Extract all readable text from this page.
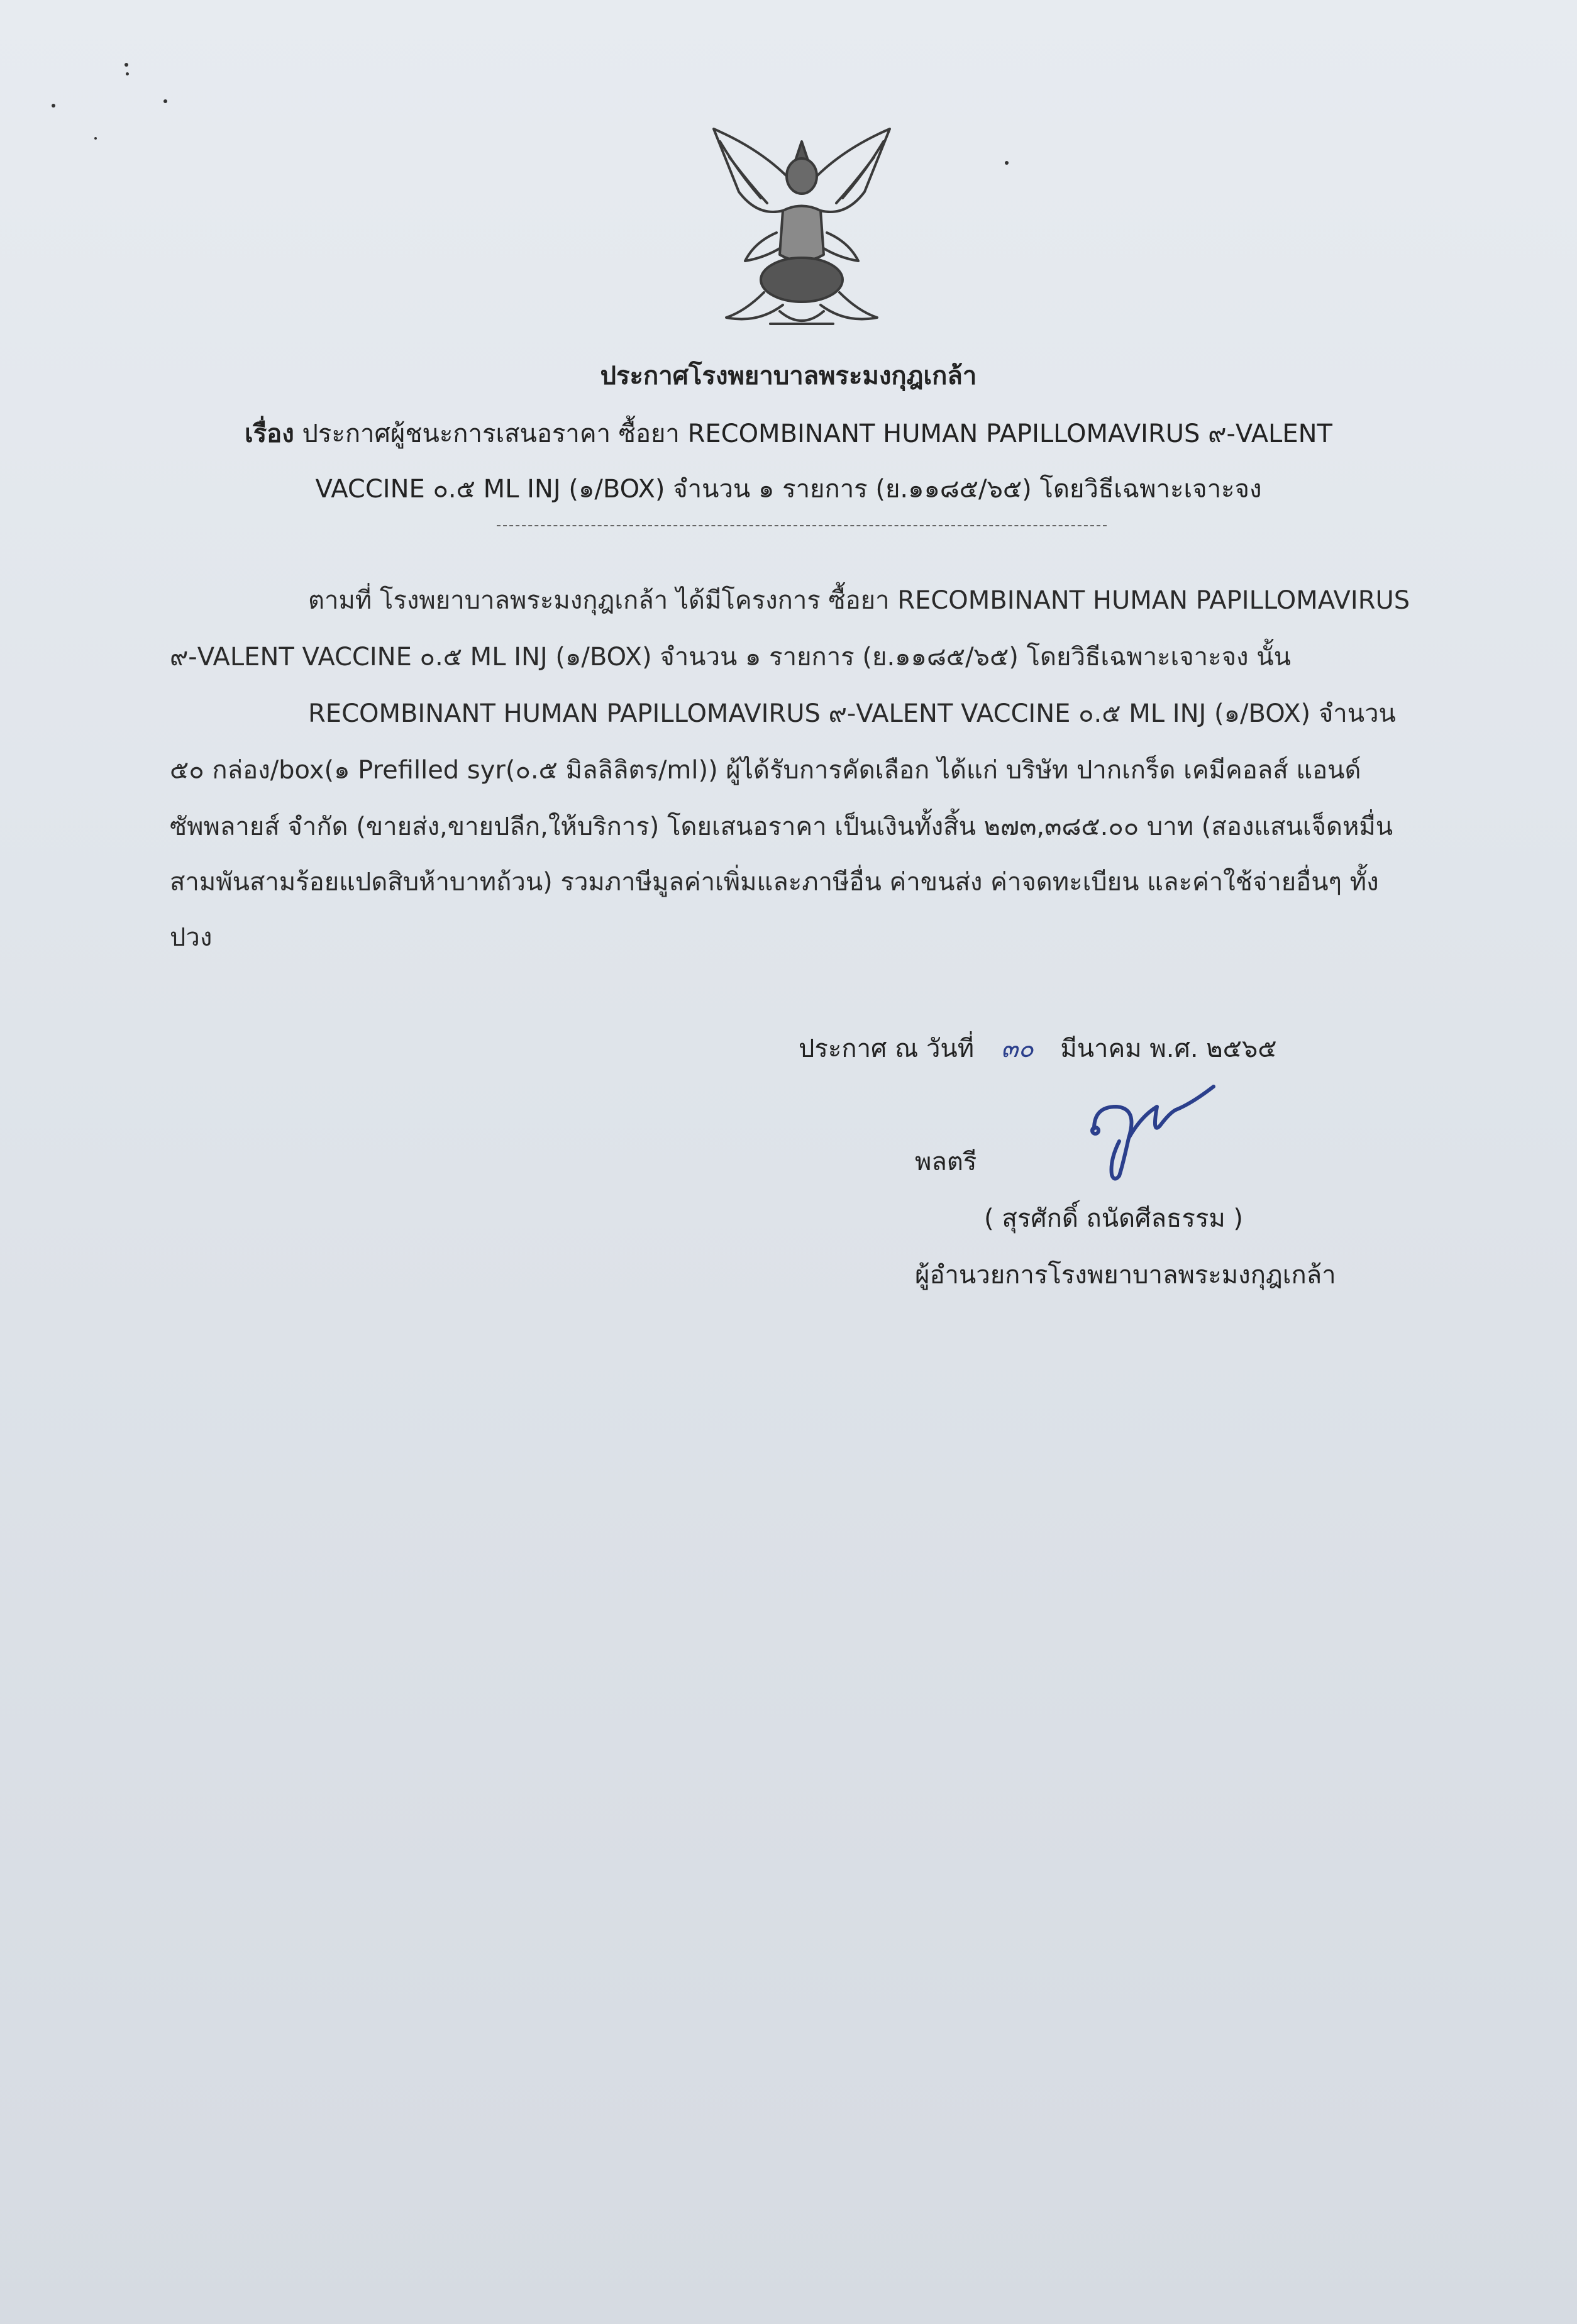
ประกาศโรงพยาบาลพระมงกุฎเกล้า
เรื่อง ประกาศผู้ชนะการเสนอราคา ซื้อยา RECOMBINANT HUMAN PAPILLOMAVIRUS ๙-VALENT
VACCINE ๐.๕ ML INJ (๑/BOX) จำนวน ๑ รายการ (ย.๑๑๘๕/๖๕) โดยวิธีเฉพาะเจาะจง
ตามที่ โรงพยาบาลพระมงกุฎเกล้า ได้มีโครงการ ซื้อยา RECOMBINANT HUMAN PAPILLOMAVIRUS
๙-VALENT VACCINE ๐.๕ ML INJ (๑/BOX) จำนวน ๑ รายการ (ย.๑๑๘๕/๖๕) โดยวิธีเฉพาะเจาะจง นั้น
RECOMBINANT HUMAN PAPILLOMAVIRUS ๙-VALENT VACCINE ๐.๕ ML INJ (๑/BOX) จำนวน
๕๐ กล่อง/box(๑ Prefilled syr(๐.๕ มิลลิลิตร/ml)) ผู้ได้รับการคัดเลือก ได้แก่ บริษัท ปากเกร็ด เคมีคอลส์ แอนด์
ซัพพลายส์ จำกัด (ขายส่ง,ขายปลีก,ให้บริการ) โดยเสนอราคา เป็นเงินทั้งสิ้น ๒๗๓,๓๘๕.๐๐ บาท (สองแสนเจ็ดหมื่น
สามพันสามร้อยแปดสิบห้าบาทถ้วน) รวมภาษีมูลค่าเพิ่มและภาษีอื่น ค่าขนส่ง ค่าจดทะเบียน และค่าใช้จ่ายอื่นๆ ทั้ง
ปวง
ประกาศ ณ วันที่ ๓๐ มีนาคม พ.ศ. ๒๕๖๕
พลตรี
( สุรศักดิ์ ถนัดศีลธรรม )
ผู้อำนวยการโรงพยาบาลพระมงกุฎเกล้า
